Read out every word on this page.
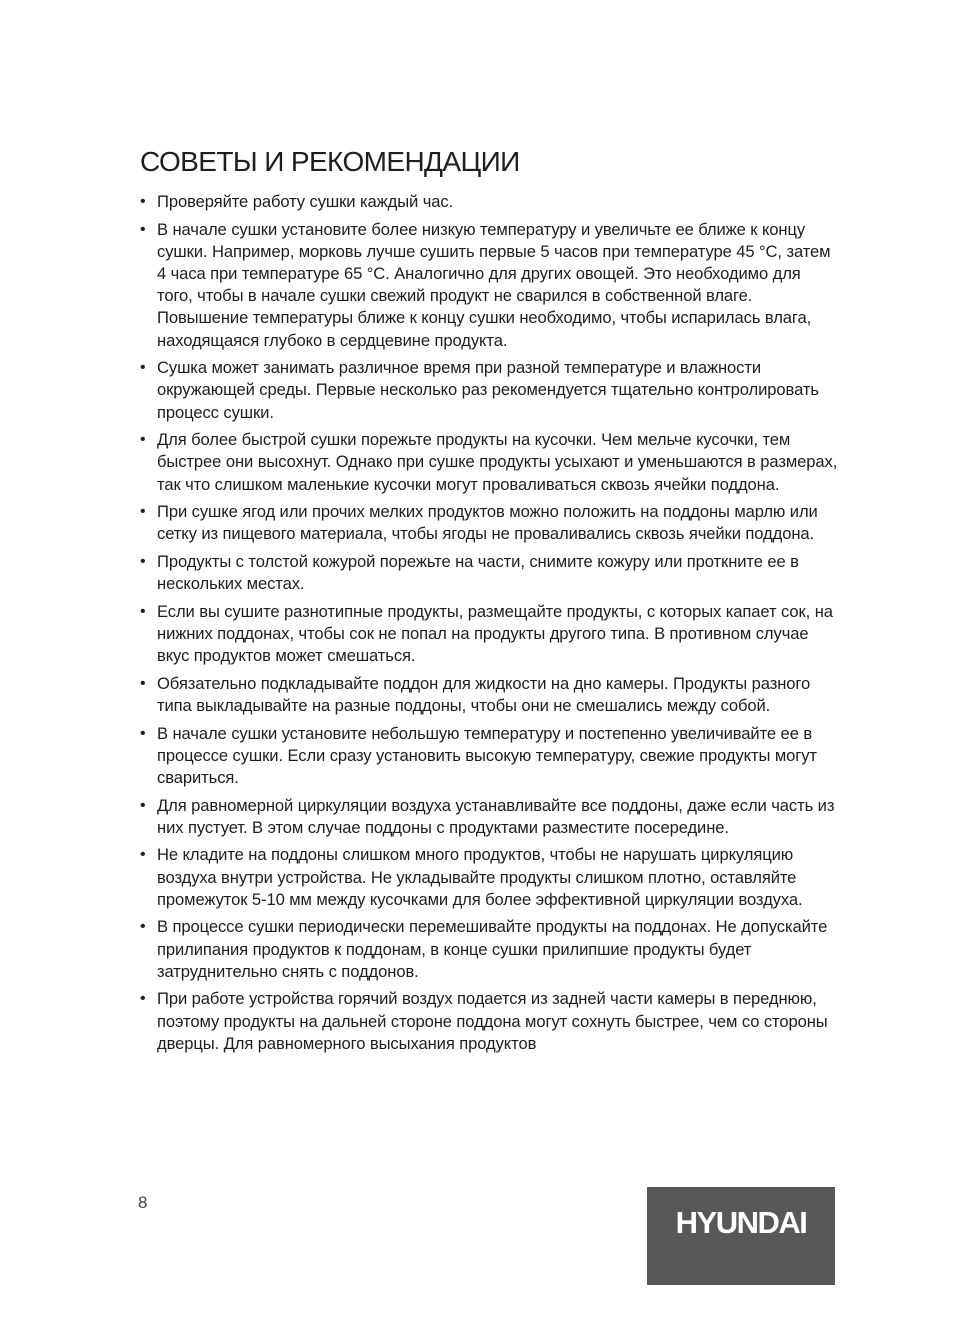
СОВЕТЫ И РЕКОМЕНДАЦИИ
• Проверяйте работу сушки каждый час.
• В начале сушки установите более низкую температуру и увеличьте ее ближе к концу сушки. Например, морковь лучше сушить первые 5 часов при температуре 45 °C, затем 4 часа при температуре 65 °C. Аналогично для других овощей. Это необходимо для того, чтобы в начале сушки свежий продукт не сварился в собственной влаге. Повышение температуры ближе к концу сушки необходимо, чтобы испарилась влага, находящаяся глубоко в сердцевине продукта.
• Сушка может занимать различное время при разной температуре и влажности окружающей среды. Первые несколько раз рекомендуется тщательно контролировать процесс сушки.
• Для более быстрой сушки порежьте продукты на кусочки. Чем мельче кусочки, тем быстрее они высохнут. Однако при сушке продукты усыхают и уменьшаются в размерах, так что слишком маленькие кусочки могут проваливаться сквозь ячейки поддона.
• При сушке ягод или прочих мелких продуктов можно положить на поддоны марлю или сетку из пищевого материала, чтобы ягоды не проваливались сквозь ячейки поддона.
• Продукты с толстой кожурой порежьте на части, снимите кожуру или проткните ее в нескольких местах.
• Если вы сушите разнотипные продукты, размещайте продукты, с которых капает сок, на нижних поддонах, чтобы сок не попал на продукты другого типа. В противном случае вкус продуктов может смешаться.
• Обязательно подкладывайте поддон для жидкости на дно камеры. Продукты разного типа выкладывайте на разные поддоны, чтобы они не смешались между собой.
• В начале сушки установите небольшую температуру и постепенно увеличивайте ее в процессе сушки. Если сразу установить высокую температуру, свежие продукты могут свариться.
• Для равномерной циркуляции воздуха устанавливайте все поддоны, даже если часть из них пустует. В этом случае поддоны с продуктами разместите посередине.
• Не кладите на поддоны слишком много продуктов, чтобы не нарушать циркуляцию воздуха внутри устройства. Не укладывайте продукты слишком плотно, оставляйте промежуток 5-10 мм между кусочками для более эффективной циркуляции воздуха.
• В процессе сушки периодически перемешивайте продукты на поддонах. Не допускайте прилипания продуктов к поддонам, в конце сушки прилипшие продукты будет затруднительно снять с поддонов.
• При работе устройства горячий воздух подается из задней части камеры в переднюю, поэтому продукты на дальней стороне поддона могут сохнуть быстрее, чем со стороны дверцы. Для равномерного высыхания продуктов
8
HYUNDAI
